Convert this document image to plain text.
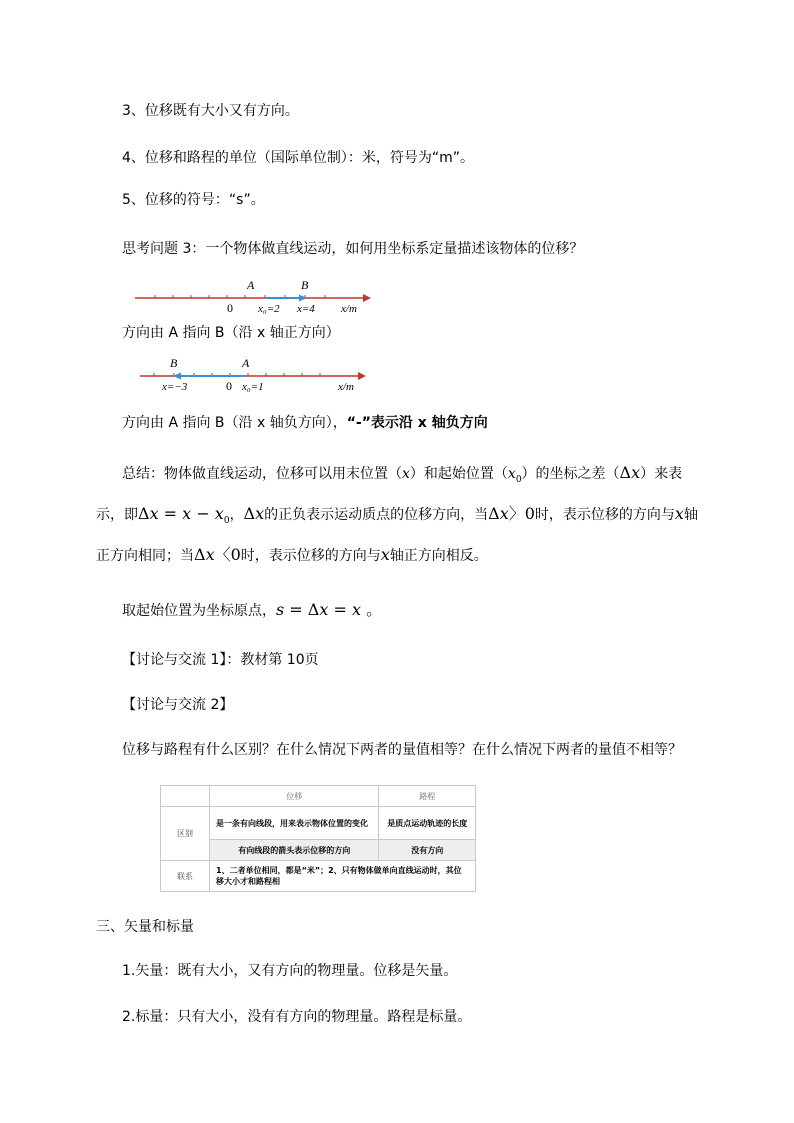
3、位移既有大小又有方向。
4、位移和路程的单位（国际单位制）：米，符号为“m”。
5、位移的符号：“s”。
思考问题 3：一个物体做直线运动，如何用坐标系定量描述该物体的位移？
A	B
0 x₀=2 x=4 x/m
方向由 A 指向 B（沿 x 轴正方向）
A
B
0 x₀=1
x=−3	x/m
方向由 A 指向 B（沿 x 轴负方向），“-”表示沿 x 轴负方向
总结：物体做直线运动，位移可以用末位置（x）和起始位置$(x_0)$的坐标之差（Δx）来表
示，即$\Delta x = x - x_0$，Δx的正负表示运动质点的位移方向，当Δx〉0时，表示位移的方向与x轴
正方向相同；当Δx〈0时，表示位移的方向与x轴正方向相反。
取起始位置为坐标原点，s = Δx = x 。
【讨论与交流 1】：教材第 10页
【讨论与交流 2】
位移与路程有什么区别？在什么情况下两者的量值相等？在什么情况下两者的量值不相等？
	位移	路程
区别	是一条有向线段，用来表示物体位置的变化	是质点运动轨迹的长度
	有向线段的箭头表示位移的方向	没有方向
联系	1、二者单位相同，都是“米”；2、只有物体做单向直线运动时，其位移大小才和路程相	
三、矢量和标量
1.矢量：既有大小，又有方向的物理量。位移是矢量。
2.标量：只有大小，没有有方向的物理量。路程是标量。
